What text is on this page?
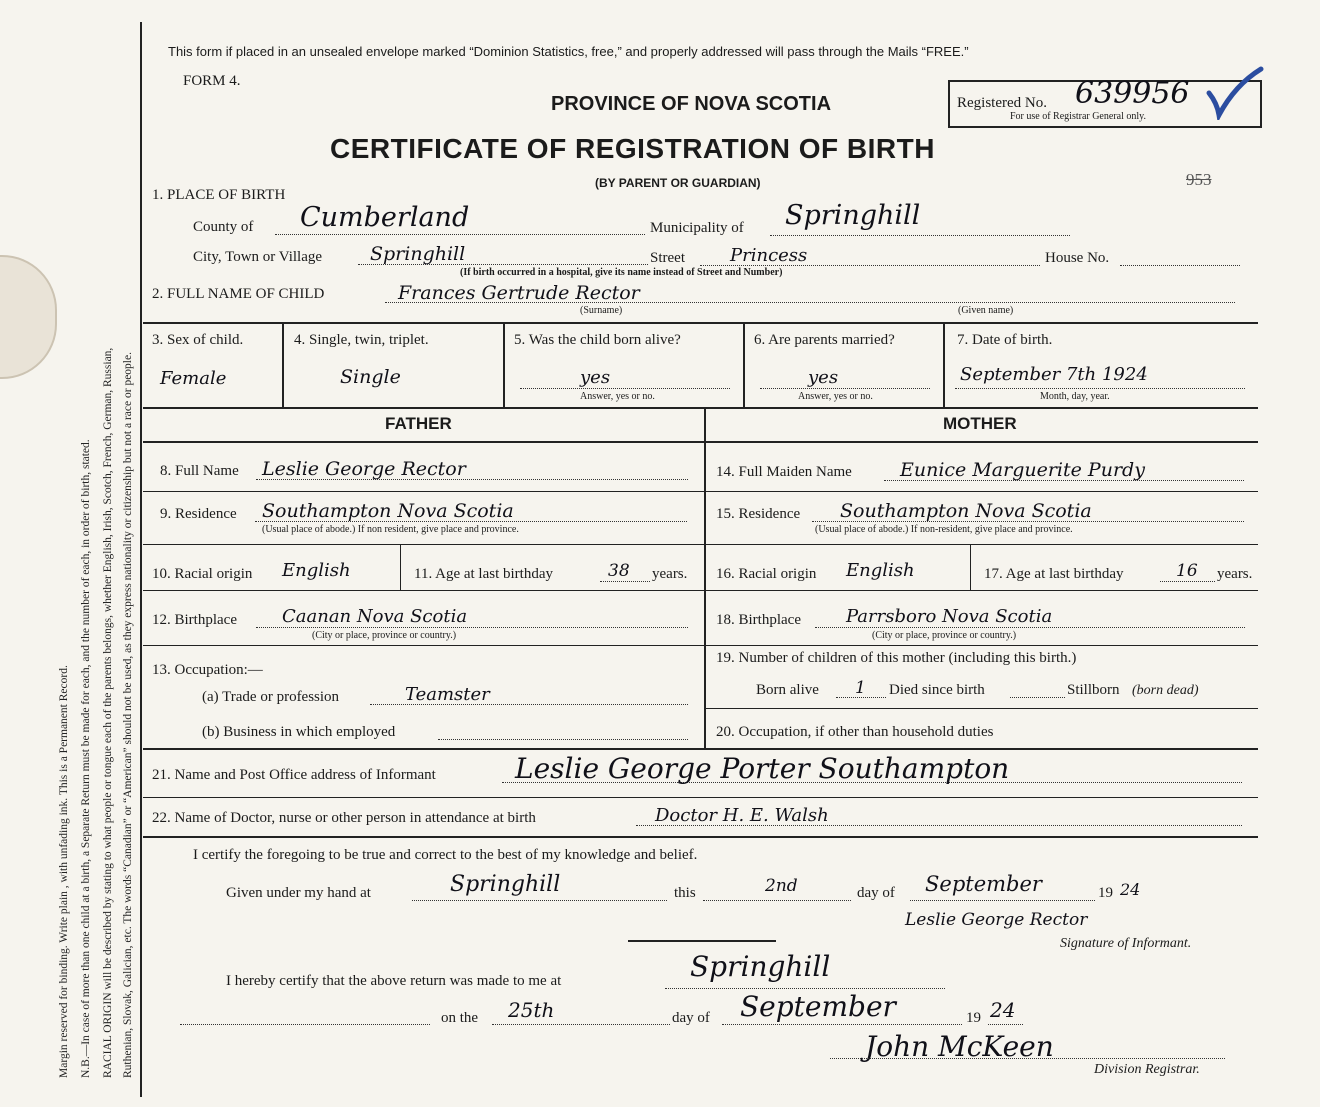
Margin reserved for binding. Write plain , with unfading ink. This is a Permanent Record. N.B.—In case of more than one child at a birth, a Separate Return must be made for each, and the number of each, in order of birth, stated. RACIAL ORIGIN will be described by stating to what people or tongue each of the parents belongs, whether English, Irish, Scotch, French, German, Russian, Ruthenian, Slovak, Galician, etc. The words “Canadian” or “American” should not be used, as they express nationality or citizenship but not a race or people.
This form if placed in an unsealed envelope marked “Dominion Statistics, free,” and properly addressed will pass through the Mails “FREE.”
FORM 4.
PROVINCE OF NOVA SCOTIA
CERTIFICATE OF REGISTRATION OF BIRTH
(BY PARENT OR GUARDIAN)
Registered No. 639956
For use of Registrar General only.
953
1. PLACE OF BIRTH
County of Cumberland	Municipality of Springhill
City, Town or Village	Springhill	Street	Princess	House No.
(If birth occurred in a hospital, give its name instead of Street and Number)
2. FULL NAME OF CHILD	Frances Gertrude Rector
(Surname)	(Given name)
3. Sex of child.
Female
4. Single, twin, triplet.
Single
5. Was the child born alive?
yes
Answer, yes or no.
6. Are parents married?
yes
Answer, yes or no.
7. Date of birth.
September 7th 1924
Month, day, year.
FATHER	MOTHER
8. Full Name Leslie George Rector	14. Full Maiden Name	Eunice Marguerite Purdy
9. Residence Southampton Nova Scotia
(Usual place of abode.) If non resident, give place and province.
15. Residence Southampton Nova Scotia
(Usual place of abode.) If non-resident, give place and province.
10. Racial origin English	11. Age at last birthday	38 years. 16. Racial origin English	17. Age at last birthday	16 years.
12. Birthplace	Caanan Nova Scotia
(City or place, province or country.)
18. Birthplace	Parrsboro Nova Scotia
(City or place, province or country.)
13. Occupation:—
(a) Trade or profession	Teamster
(b) Business in which employed
19. Number of children of this mother (including this birth.)
Born alive 1 Died since birth	Stillborn (born dead)
20. Occupation, if other than household duties
21. Name and Post Office address of Informant	Leslie George Porter Southampton
22. Name of Doctor, nurse or other person in attendance at birth	Doctor H. E. Walsh
I certify the foregoing to be true and correct to the best of my knowledge and belief.
Given under my hand at	Springhill	this	2nd	day of September	19 24
Leslie George Rector
Signature of Informant.
I hereby certify that the above return was made to me at	Springhill
on the 25th	day of September	19 24
John McKeen
Division Registrar.
